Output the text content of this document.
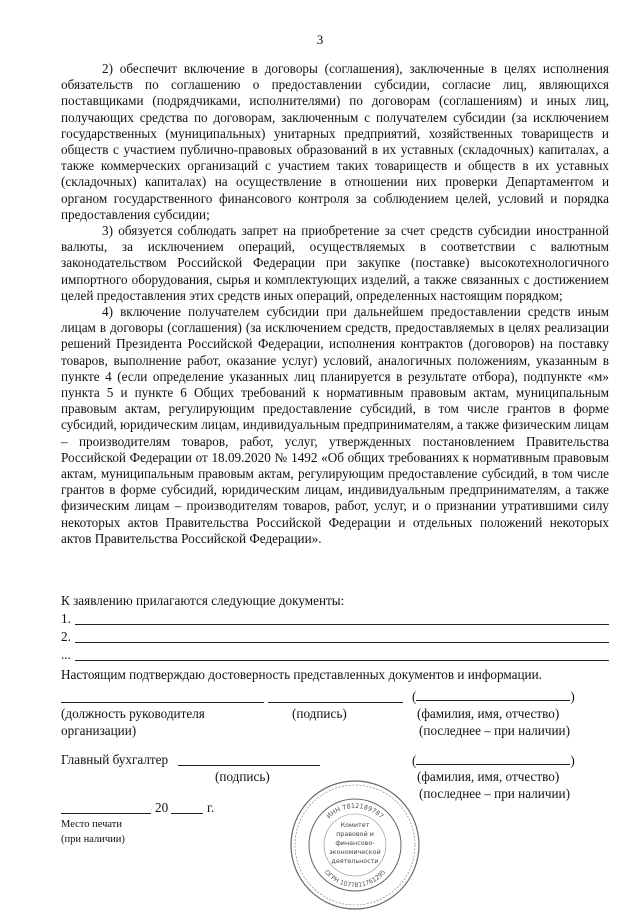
3

2) обеспечит включение в договоры (соглашения), заключенные в целях исполнения обязательств по соглашению о предоставлении субсидии, согласие лиц, являющихся поставщиками (подрядчиками, исполнителями) по договорам (соглашениям) и иных лиц, получающих средства по договорам, заключенным с получателем субсидии (за исключением государственных (муниципальных) унитарных предприятий, хозяйственных товариществ и обществ с участием публично-правовых образований в их уставных (складочных) капиталах, а также коммерческих организаций с участием таких товариществ и обществ в их уставных (складочных) капиталах) на осуществление в отношении них проверки Департаментом и органом государственного финансового контроля за соблюдением целей, условий и порядка предоставления субсидии;

3) обязуется соблюдать запрет на приобретение за счет средств субсидии иностранной валюты, за исключением операций, осуществляемых в соответствии с валютным законодательством Российской Федерации при закупке (поставке) высокотехнологичного импортного оборудования, сырья и комплектующих изделий, а также связанных с достижением целей предоставления этих средств иных операций, определенных настоящим порядком;

4) включение получателем субсидии при дальнейшем предоставлении средств иным лицам в договоры (соглашения) (за исключением средств, предоставляемых в целях реализации решений Президента Российской Федерации, исполнения контрактов (договоров) на поставку товаров, выполнение работ, оказание услуг) условий, аналогичных положениям, указанным в пункте 4 (если определение указанных лиц планируется в результате отбора), подпункте «м» пункта 5 и пункте 6 Общих требований к нормативным правовым актам, муниципальным правовым актам, регулирующим предоставление субсидий, в том числе грантов в форме субсидий, юридическим лицам, индивидуальным предпринимателям, а также физическим лицам – производителям товаров, работ, услуг, утвержденных постановлением Правительства Российской Федерации от 18.09.2020 № 1492 «Об общих требованиях к нормативным правовым актам, муниципальным правовым актам, регулирующим предоставление субсидий, в том числе грантов в форме субсидий, юридическим лицам, индивидуальным предпринимателям, а также физическим лицам – производителям товаров, работ, услуг, и о признании утратившими силу некоторых актов Правительства Российской Федерации и отдельных положений некоторых актов Правительства Российской Федерации».

К заявлению прилагаются следующие документы:
1.
2.
...
Настоящим подтверждаю достоверность представленных документов и информации.
(	)
(должность руководителя
организации)
(подпись)	(фамилия, имя, отчество)
(последнее – при наличии)
Главный бухгалтер	(	)
(подпись)	(фамилия, имя, отчество)
(последнее – при наличии)
20	г.
Место печати
(при наличии)
ИНН 7812189787
ОГРН 1077811761295
Комитет
правовой и
финансово-
экономической
деятельности
